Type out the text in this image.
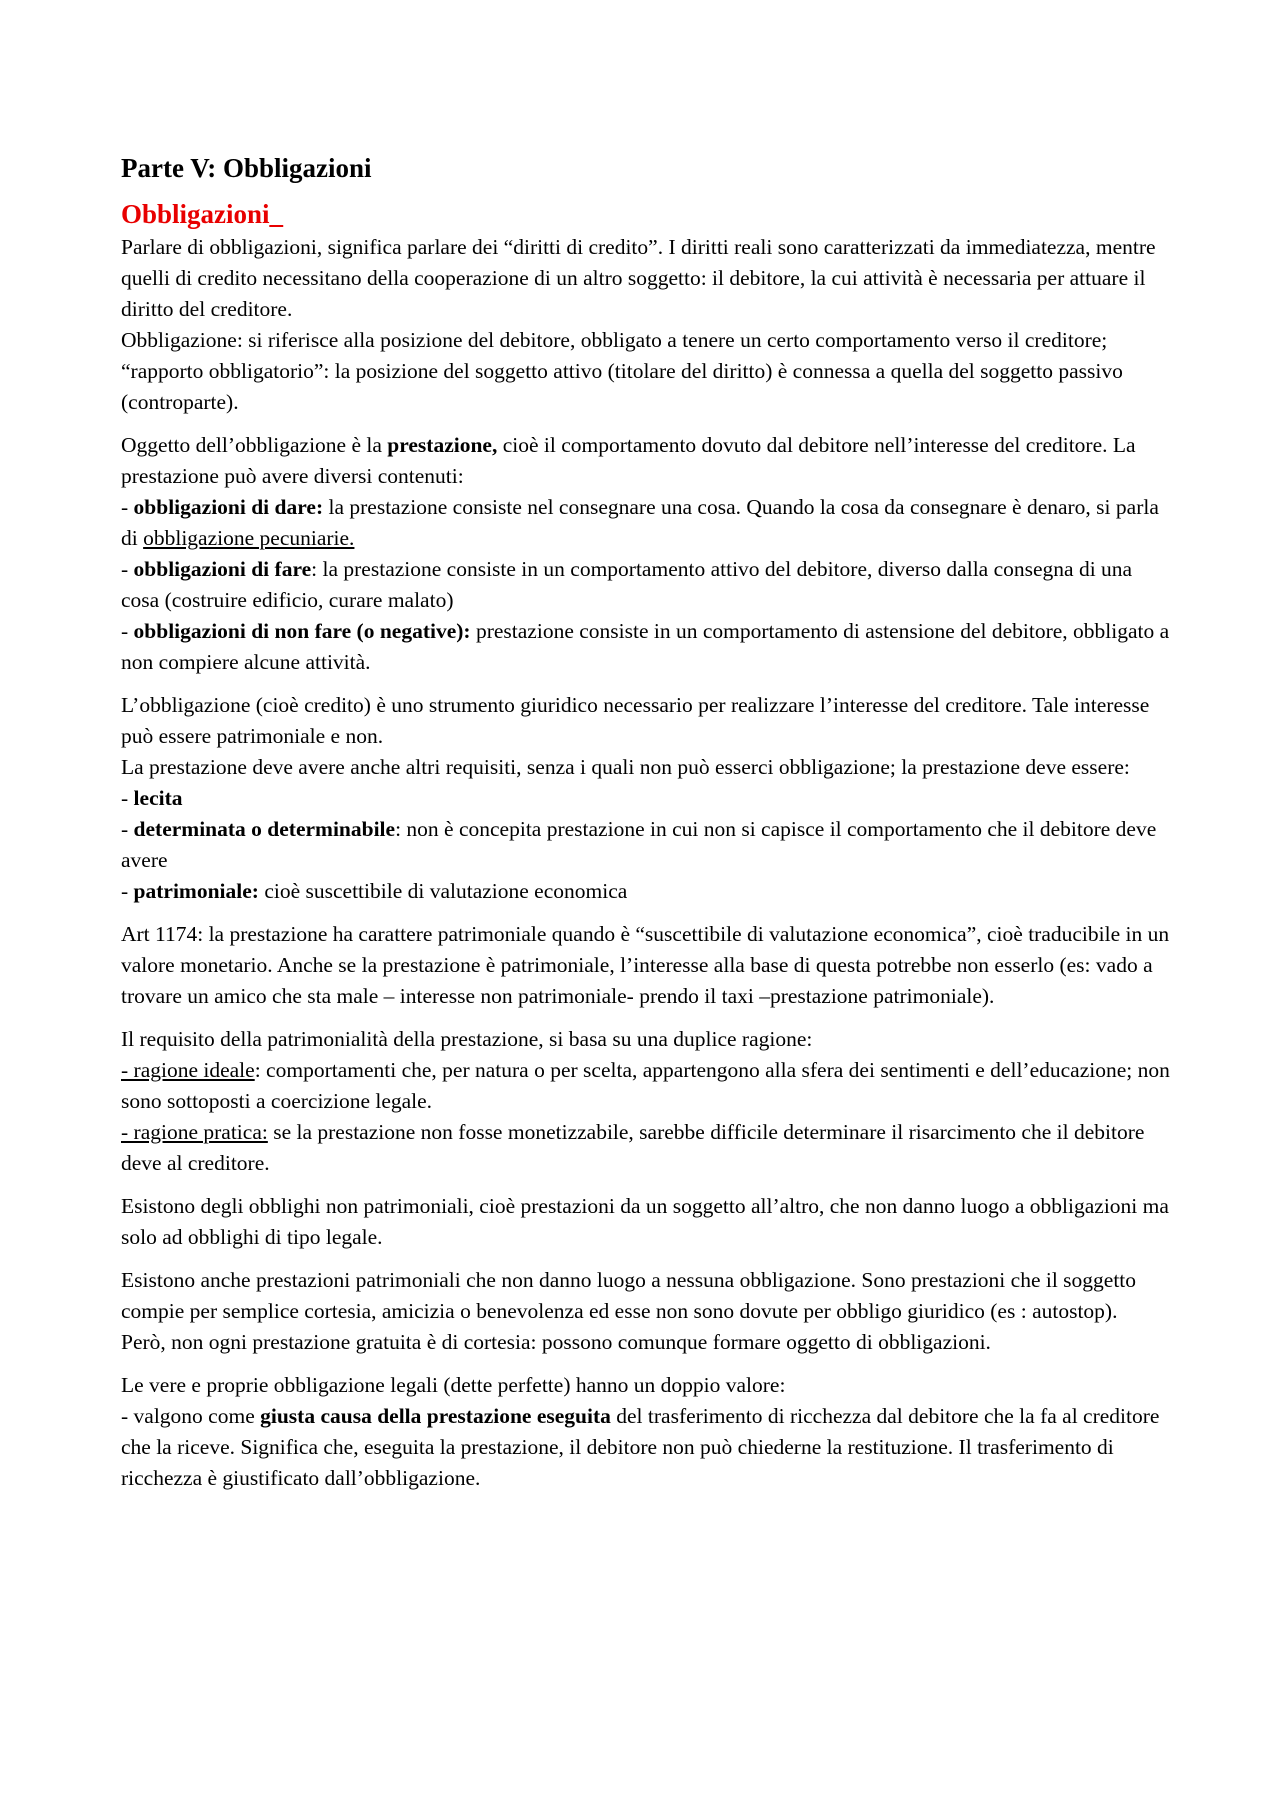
Parte V: Obbligazioni
Obbligazioni_

Parlare di obbligazioni, significa parlare dei “diritti di credito”. I diritti reali sono caratterizzati da immediatezza, mentre quelli di credito necessitano della cooperazione di un altro soggetto: il debitore, la cui attività è necessaria per attuare il diritto del creditore.

Obbligazione: si riferisce alla posizione del debitore, obbligato a tenere un certo comportamento verso il creditore; “rapporto obbligatorio”: la posizione del soggetto attivo (titolare del diritto) è connessa a quella del soggetto passivo (controparte).

Oggetto dell’obbligazione è la prestazione, cioè il comportamento dovuto dal debitore nell’interesse del creditore. La prestazione può avere diversi contenuti:

- obbligazioni di dare: la prestazione consiste nel consegnare una cosa. Quando la cosa da consegnare è denaro, si parla di obbligazione pecuniarie.

- obbligazioni di fare: la prestazione consiste in un comportamento attivo del debitore, diverso dalla consegna di una cosa (costruire edificio, curare malato)

- obbligazioni di non fare (o negative): prestazione consiste in un comportamento di astensione del debitore, obbligato a non compiere alcune attività.

L’obbligazione (cioè credito) è uno strumento giuridico necessario per realizzare l’interesse del creditore. Tale interesse può essere patrimoniale e non.

La prestazione deve avere anche altri requisiti, senza i quali non può esserci obbligazione; la prestazione deve essere:

- lecita

- determinata o determinabile: non è concepita prestazione in cui non si capisce il comportamento che il debitore deve avere

- patrimoniale: cioè suscettibile di valutazione economica

Art 1174: la prestazione ha carattere patrimoniale quando è “suscettibile di valutazione economica”, cioè traducibile in un valore monetario. Anche se la prestazione è patrimoniale, l’interesse alla base di questa potrebbe non esserlo (es: vado a trovare un amico che sta male – interesse non patrimoniale- prendo il taxi –prestazione patrimoniale).

Il requisito della patrimonialità della prestazione, si basa su una duplice ragione:

- ragione ideale: comportamenti che, per natura o per scelta, appartengono alla sfera dei sentimenti e dell’educazione; non sono sottoposti a coercizione legale.

- ragione pratica: se la prestazione non fosse monetizzabile, sarebbe difficile determinare il risarcimento che il debitore deve al creditore.

Esistono degli obblighi non patrimoniali, cioè prestazioni da un soggetto all’altro, che non danno luogo a obbligazioni ma solo ad obblighi di tipo legale.

Esistono anche prestazioni patrimoniali che non danno luogo a nessuna obbligazione. Sono prestazioni che il soggetto compie per semplice cortesia, amicizia o benevolenza ed esse non sono dovute per obbligo giuridico (es : autostop).

Però, non ogni prestazione gratuita è di cortesia: possono comunque formare oggetto di obbligazioni.

Le vere e proprie obbligazione legali (dette perfette) hanno un doppio valore:

- valgono come giusta causa della prestazione eseguita del trasferimento di ricchezza dal debitore che la fa al creditore che la riceve. Significa che, eseguita la prestazione, il debitore non può chiederne la restituzione. Il trasferimento di ricchezza è giustificato dall’obbligazione.
